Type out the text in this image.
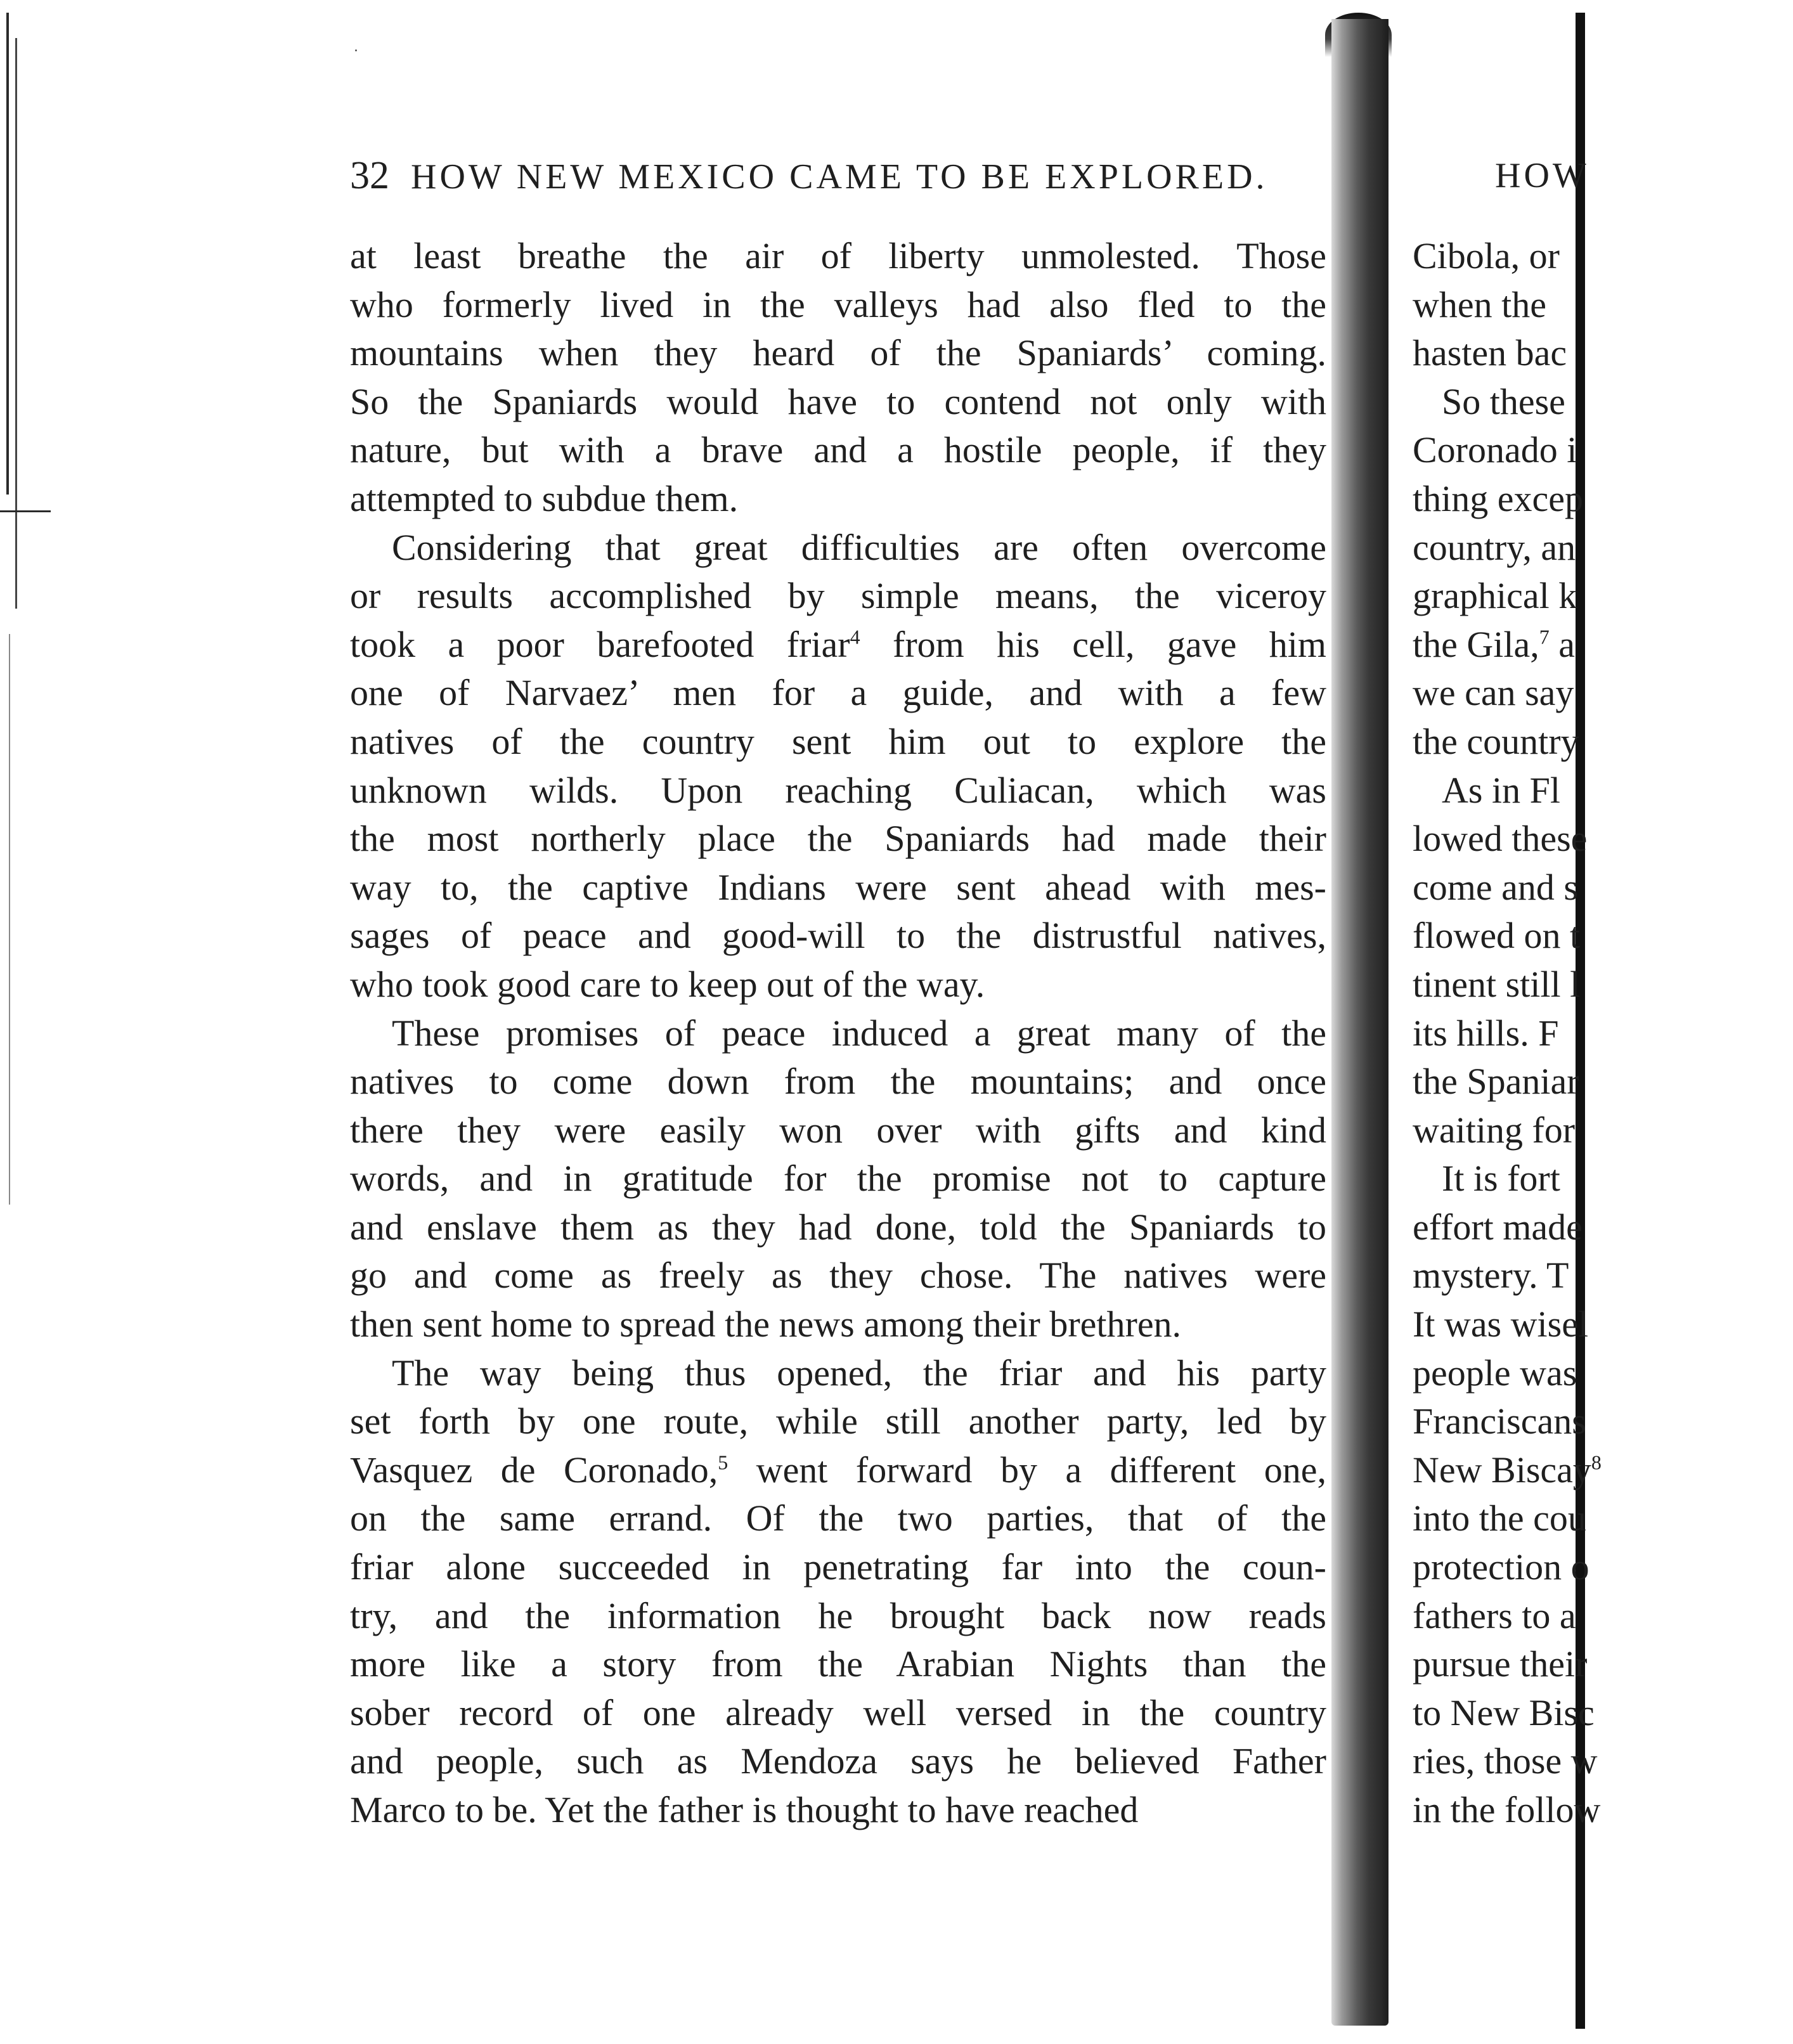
32 HOW NEW MEXICO CAME TO BE EXPLORED.
at least breathe the air of liberty unmolested. Those
who formerly lived in the valleys had also fled to the
mountains when they heard of the Spaniards’ coming.
So the Spaniards would have to contend not only with
nature, but with a brave and a hostile people, if they
attempted to subdue them.
Considering that great difficulties are often overcome
or results accomplished by simple means, the viceroy
took a poor barefooted friar$^4$ from his cell, gave him
one of Narvaez’ men for a guide, and with a few
natives of the country sent him out to explore the
unknown wilds. Upon reaching Culiacan, which was
the most northerly place the Spaniards had made their
way to, the captive Indians were sent ahead with mes-
sages of peace and good-will to the distrustful natives,
who took good care to keep out of the way.
These promises of peace induced a great many of the
natives to come down from the mountains; and once
there they were easily won over with gifts and kind
words, and in gratitude for the promise not to capture
and enslave them as they had done, told the Spaniards to
go and come as freely as they chose. The natives were
then sent home to spread the news among their brethren.
The way being thus opened, the friar and his party
set forth by one route, while still another party, led by
Vasquez de Coronado,$^5$ went forward by a different one,
on the same errand. Of the two parties, that of the
friar alone succeeded in penetrating far into the coun-
try, and the information he brought back now reads
more like a story from the Arabian Nights than the
sober record of one already well versed in the country
and people, such as Mendoza says he believed Father
Marco to be. Yet the father is thought to have reached
HOW
Cibola, or
when the
hasten bac
So these
Coronado i
thing excep
country, an
graphical k
the Gila,$^7$ a
we can say
the country
As in Fl
lowed these
come and s
flowed on t
tinent still l
its hills. F
the Spaniar
waiting for
It is fort
effort made
mystery. T
It was wisel
people was
Franciscans
New Biscay$^8$
into the cou
protection o
fathers to a
pursue their
to New Bisc
ries, those w
in the follow
